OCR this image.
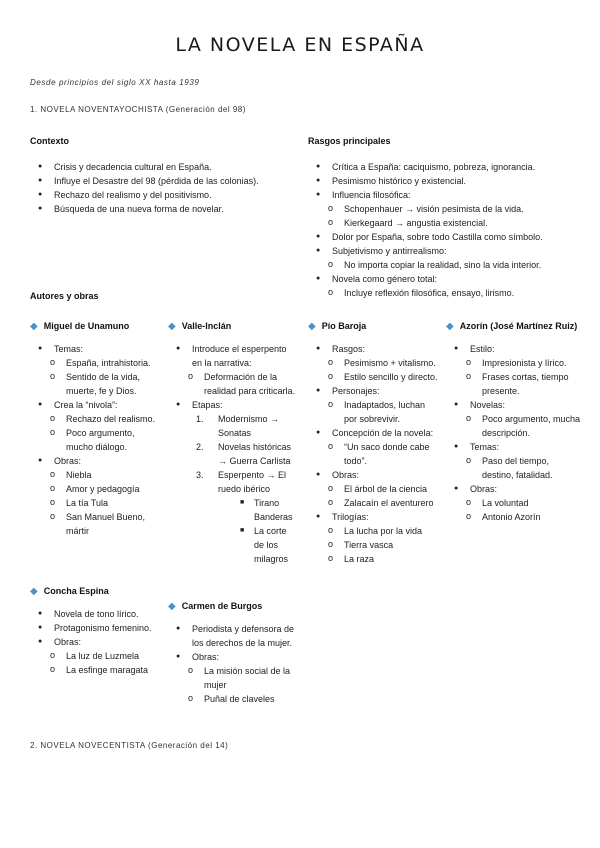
LA NOVELA EN ESPAÑA
Desde principios del siglo XX hasta 1939
1. NOVELA NOVENTAYOCHISTA (Generación del 98)
Contexto
● Crisis y decadencia cultural en España.
● Influye el Desastre del 98 (pérdida de las colonias).
● Rechazo del realismo y del positivismo.
● Búsqueda de una nueva forma de novelar.
Rasgos principales
● Crítica a España: caciquismo, pobreza, ignorancia.
● Pesimismo histórico y existencial.
● Influencia filosófica:
o Schopenhauer → visión pesimista de la vida.
o Kierkegaard → angustia existencial.
● Dolor por España, sobre todo Castilla como símbolo.
● Subjetivismo y antirrealismo:
o No importa copiar la realidad, sino la vida interior.
● Novela como género total:
o Incluye reflexión filosófica, ensayo, lirismo.
Autores y obras
◆ Miguel de Unamuno
● Temas:
o España, intrahistoria.
o Sentido de la vida, muerte, fe y Dios.
● Crea la “nivola”:
o Rechazo del realismo.
o Poco argumento, mucho diálogo.
● Obras:
o Niebla
o Amor y pedagogía
o La tía Tula
o San Manuel Bueno, mártir
◆ Concha Espina
● Novela de tono lírico.
● Protagonismo femenino.
● Obras:
o La luz de Luzmela
o La esfinge maragata
◆ Valle-Inclán
● Introduce el esperpento en la narrativa:
o Deformación de la realidad para criticarla.
● Etapas:
1. Modernismo → Sonatas
2. Novelas históricas → Guerra Carlista
3. Esperpento → El ruedo ibérico
■ Tirano Banderas
■ La corte de los milagros
◆ Carmen de Burgos
● Periodista y defensora de los derechos de la mujer.
● Obras:
o La misión social de la mujer
o Puñal de claveles
◆ Pío Baroja
● Rasgos:
o Pesimismo + vitalismo.
o Estilo sencillo y directo.
● Personajes:
o Inadaptados, luchan por sobrevivir.
● Concepción de la novela:
o “Un saco donde cabe todo”.
● Obras:
o El árbol de la ciencia
o Zalacaín el aventurero
● Trilogías:
o La lucha por la vida
o Tierra vasca
o La raza
◆ Azorín (José Martínez Ruiz)
● Estilo:
o Impresionista y lírico.
o Frases cortas, tiempo presente.
● Novelas:
o Poco argumento, mucha descripción.
● Temas:
o Paso del tiempo, destino, fatalidad.
● Obras:
o La voluntad
o Antonio Azorín
2. NOVELA NOVECENTISTA (Generación del 14)
